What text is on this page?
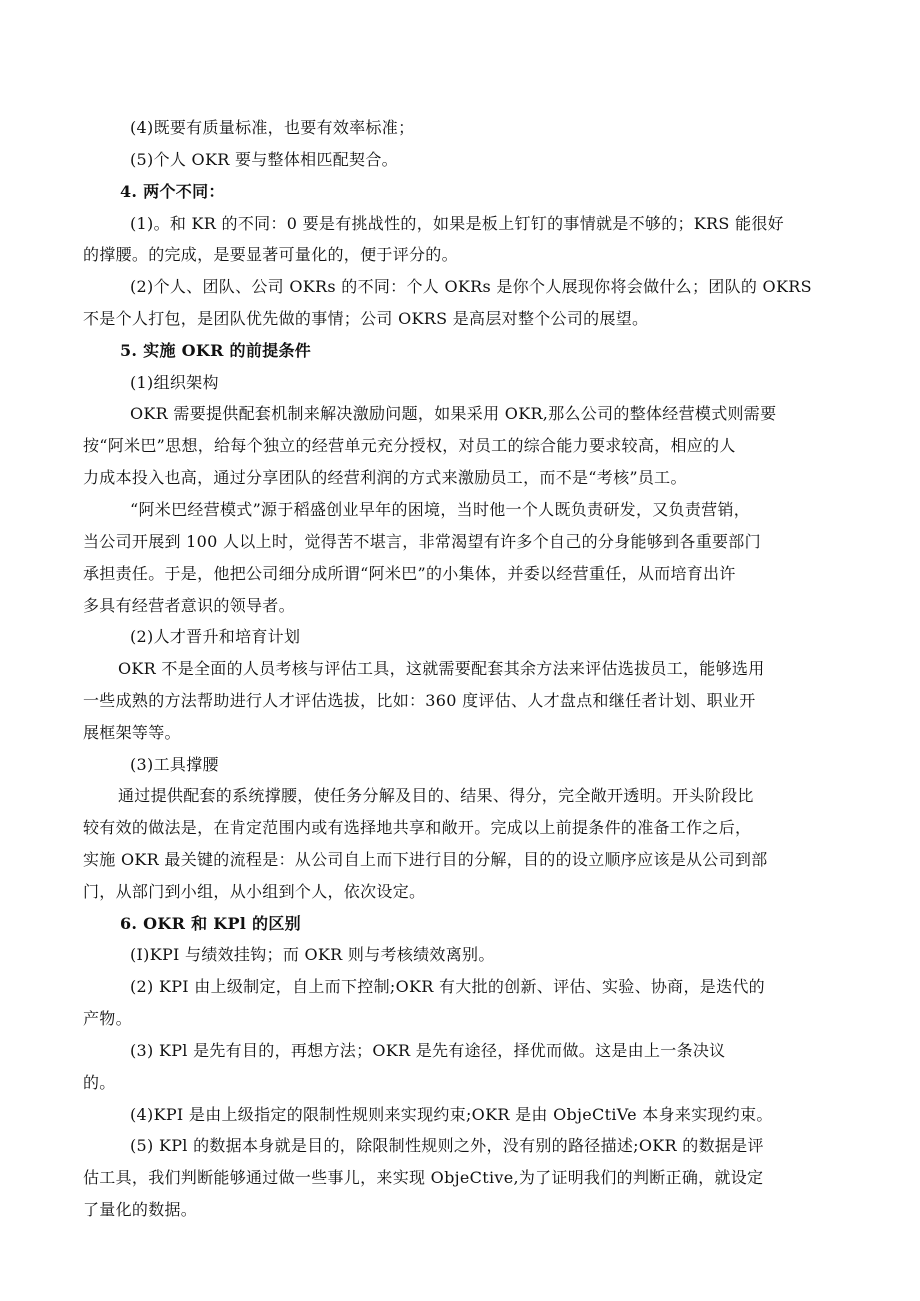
(4)既要有质量标准，也要有效率标准；
(5)个人 OKR 要与整体相匹配契合。
4. 两个不同：
(1)。和 KR 的不同：0 要是有挑战性的，如果是板上钉钉的事情就是不够的；KRS 能很好
的撑腰。的完成，是要显著可量化的，便于评分的。
(2)个人、团队、公司 OKRs 的不同：个人 OKRs 是你个人展现你将会做什么；团队的 OKRS
不是个人打包，是团队优先做的事情；公司 OKRS 是高层对整个公司的展望。
5. 实施 OKR 的前提条件
(1)组织架构
OKR 需要提供配套机制来解决激励问题，如果采用 OKR,那么公司的整体经营模式则需要
按“阿米巴”思想，给每个独立的经营单元充分授权，对员工的综合能力要求较高，相应的人
力成本投入也高，通过分享团队的经营利润的方式来激励员工，而不是“考核”员工。
“阿米巴经营模式”源于稻盛创业早年的困境，当时他一个人既负责研发，又负责营销，
当公司开展到 100 人以上时，觉得苦不堪言，非常渴望有许多个自己的分身能够到各重要部门
承担责任。于是，他把公司细分成所谓“阿米巴”的小集体，并委以经营重任，从而培育出许
多具有经营者意识的领导者。
(2)人才晋升和培育计划
OKR 不是全面的人员考核与评估工具，这就需要配套其余方法来评估选拔员工，能够选用
一些成熟的方法帮助进行人才评估选拔，比如：360 度评估、人才盘点和继任者计划、职业开
展框架等等。
(3)工具撑腰
通过提供配套的系统撑腰，使任务分解及目的、结果、得分，完全敞开透明。开头阶段比
较有效的做法是，在肯定范围内或有选择地共享和敞开。完成以上前提条件的准备工作之后，
实施 OKR 最关键的流程是：从公司自上而下进行目的分解，目的的设立顺序应该是从公司到部
门，从部门到小组，从小组到个人，依次设定。
6. OKR 和 KPl 的区别
(I)KPI 与绩效挂钩；而 OKR 则与考核绩效离别。
(2) KPI 由上级制定，自上而下控制;OKR 有大批的创新、评估、实验、协商，是迭代的
产物。
(3) KPl 是先有目的，再想方法；OKR 是先有途径，择优而做。这是由上一条决议
的。
(4)KPI 是由上级指定的限制性规则来实现约束;OKR 是由 ObjeCtiVe 本身来实现约束。
(5) KPl 的数据本身就是目的，除限制性规则之外，没有别的路径描述;OKR 的数据是评
估工具，我们判断能够通过做一些事儿，来实现 ObjeCtive,为了证明我们的判断正确，就设定
了量化的数据。
